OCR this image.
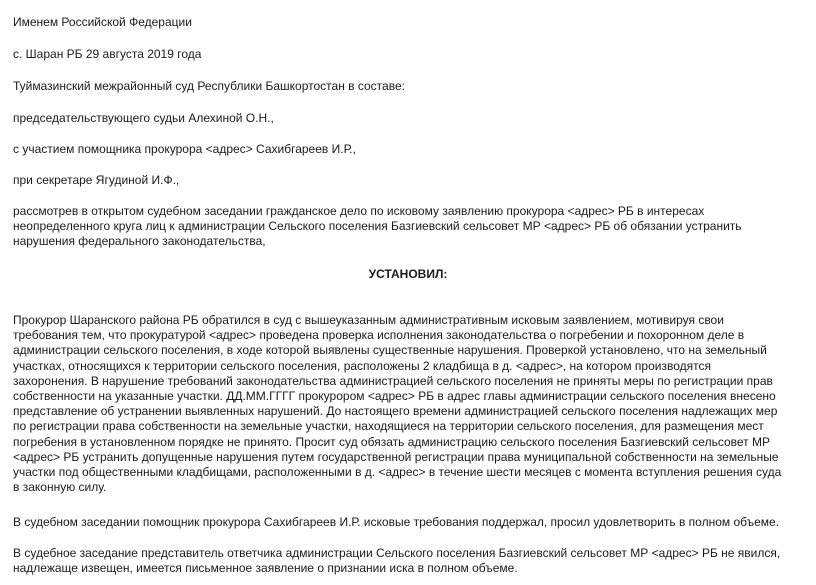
Именем Российской Федерации

с. Шаран РБ 29 августа 2019 года

Туймазинский межрайонный суд Республики Башкортостан в составе:

председательствующего судьи Алехиной О.Н.,

с участием помощника прокурора <адрес> Сахибгареев И.Р.,

при секретаре Ягудиной И.Ф.,

рассмотрев в открытом судебном заседании гражданское дело по исковому заявлению прокурора <адрес> РБ в интересах
неопределенного круга лиц к администрации Сельского поселения Базгиевский сельсовет МР <адрес> РБ об обязании устранить
нарушения федерального законодательства,

УСТАНОВИЛ:

Прокурор Шаранского района РБ обратился в суд с вышеуказанным административным исковым заявлением, мотивируя свои
требования тем, что прокуратурой <адрес> проведена проверка исполнения законодательства о погребении и похоронном деле в
администрации сельского поселения, в ходе которой выявлены существенные нарушения. Проверкой установлено, что на земельный
участках, относящихся к территории сельского поселения, расположены 2 кладбища в д. <адрес>, на котором производятся
захоронения. В нарушение требований законодательства администрацией сельского поселения не приняты меры по регистрации прав
собственности на указанные участки. ДД.ММ.ГГГГ прокурором <адрес> РБ в адрес главы администрации сельского поселения внесено
представление об устранении выявленных нарушений. До настоящего времени администрацией сельского поселения надлежащих мер
по регистрации права собственности на земельные участки, находящиеся на территории сельского поселения, для размещения мест
погребения в установленном порядке не принято. Просит суд обязать администрацию сельского поселения Базгиевский сельсовет МР
<адрес> РБ устранить допущенные нарушения путем государственной регистрации права муниципальной собственности на земельные
участки под общественными кладбищами, расположенными в д. <адрес> в течение шести месяцев с момента вступления решения суда
в законную силу.

В судебном заседании помощник прокурора Сахибгареев И.Р. исковые требования поддержал, просил удовлетворить в полном объеме.

В судебное заседание представитель ответчика администрации Сельского поселения Базгиевский сельсовет МР <адрес> РБ не явился,
надлежаще извещен, имеется письменное заявление о признании иска в полном объеме.
